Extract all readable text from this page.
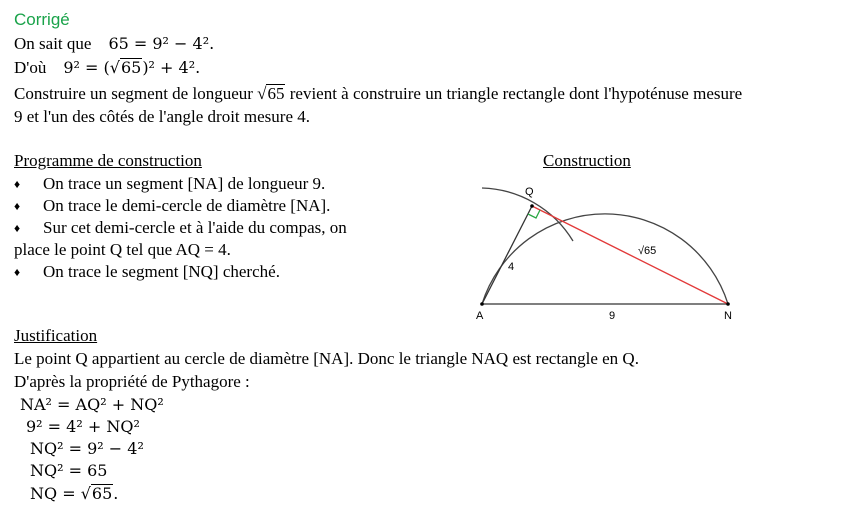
Corrigé
On sait que 65 = 9² − 4².
D'où 9² = (√65)² + 4².
Construire un segment de longueur √65 revient à construire un triangle rectangle dont l'hypoténuse mesure
9 et l'un des côtés de l'angle droit mesure 4.
Programme de construction
♦ On trace un segment [NA] de longueur 9.
♦ On trace le demi-cercle de diamètre [NA].
♦ Sur cet demi-cercle et à l'aide du compas, on
place le point Q tel que AQ = 4.
♦ On trace le segment [NQ] cherché.
Construction
A	N
Q
9
4
√65
Justification
Le point Q appartient au cercle de diamètre [NA]. Donc le triangle NAQ est rectangle en Q.
D'après la propriété de Pythagore :
NA² = AQ² + NQ²
9² = 4² + NQ²
NQ² = 9² − 4²
NQ² = 65
NQ = √65.
